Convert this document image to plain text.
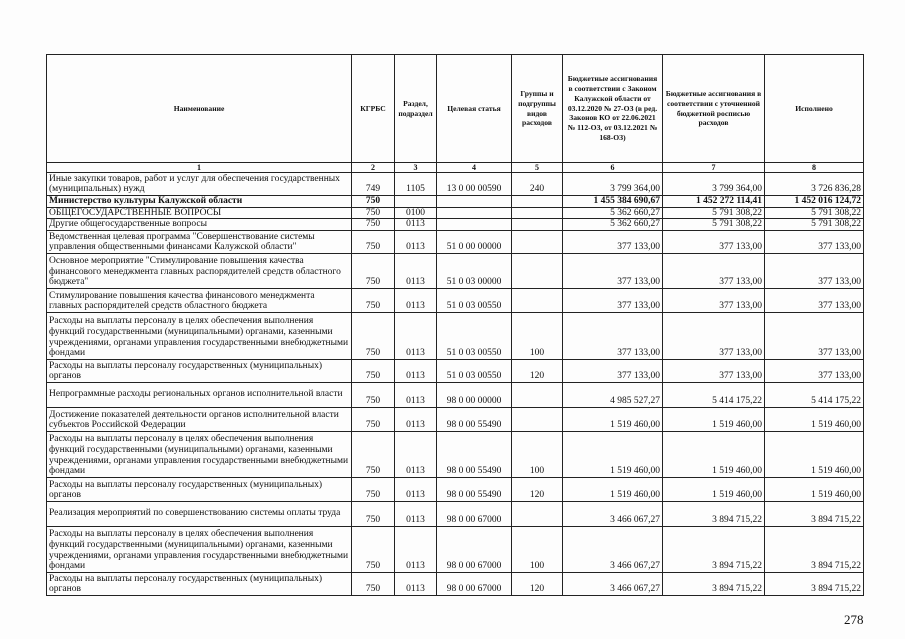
Наименование	КГРБС	Раздел, подраздел	Целевая статья	Группы и подгруппы видов расходов	Бюджетные ассигнования в соответствии с Законом Калужской области от 03.12.2020 № 27-ОЗ (в ред. Законов КО от 22.06.2021 № 112-ОЗ, от 03.12.2021 № 168-ОЗ)	Бюджетные ассигнования в соответствии с уточненной бюджетной росписью расходов	Исполнено
1	2	3	4	5	6	7	8
Иные закупки товаров, работ и услуг для обеспечения государственных (муниципальных) нужд	749	1105	13 0 00 00590	240	3 799 364,00	3 799 364,00	3 726 836,28
Министерство культуры Калужской области	750				1 455 384 690,67	1 452 272 114,41	1 452 016 124,72
ОБЩЕГОСУДАРСТВЕННЫЕ ВОПРОСЫ	750	0100			5 362 660,27	5 791 308,22	5 791 308,22
Другие общегосударственные вопросы	750	0113			5 362 660,27	5 791 308,22	5 791 308,22
Ведомственная целевая программа "Совершенствование системы управления общественными финансами Калужской области"	750	0113	51 0 00 00000		377 133,00	377 133,00	377 133,00
Основное мероприятие "Стимулирование повышения качества финансового менеджмента главных распорядителей средств областного бюджета"	750	0113	51 0 03 00000		377 133,00	377 133,00	377 133,00
Стимулирование повышения качества финансового менеджмента главных распорядителей средств областного бюджета	750	0113	51 0 03 00550		377 133,00	377 133,00	377 133,00
Расходы на выплаты персоналу в целях обеспечения выполнения функций государственными (муниципальными) органами, казенными учреждениями, органами управления государственными внебюджетными фондами	750	0113	51 0 03 00550	100	377 133,00	377 133,00	377 133,00
Расходы на выплаты персоналу государственных (муниципальных) органов	750	0113	51 0 03 00550	120	377 133,00	377 133,00	377 133,00
Непрограммные расходы региональных органов исполнительной власти	750	0113	98 0 00 00000		4 985 527,27	5 414 175,22	5 414 175,22
Достижение показателей деятельности органов исполнительной власти субъектов Российской Федерации	750	0113	98 0 00 55490		1 519 460,00	1 519 460,00	1 519 460,00
Расходы на выплаты персоналу в целях обеспечения выполнения функций государственными (муниципальными) органами, казенными учреждениями, органами управления государственными внебюджетными фондами	750	0113	98 0 00 55490	100	1 519 460,00	1 519 460,00	1 519 460,00
Расходы на выплаты персоналу государственных (муниципальных) органов	750	0113	98 0 00 55490	120	1 519 460,00	1 519 460,00	1 519 460,00
Реализация мероприятий по совершенствованию системы оплаты труда	750	0113	98 0 00 67000		3 466 067,27	3 894 715,22	3 894 715,22
Расходы на выплаты персоналу в целях обеспечения выполнения функций государственными (муниципальными) органами, казенными учреждениями, органами управления государственными внебюджетными фондами	750	0113	98 0 00 67000	100	3 466 067,27	3 894 715,22	3 894 715,22
Расходы на выплаты персоналу государственных (муниципальных) органов	750	0113	98 0 00 67000	120	3 466 067,27	3 894 715,22	3 894 715,22
278
